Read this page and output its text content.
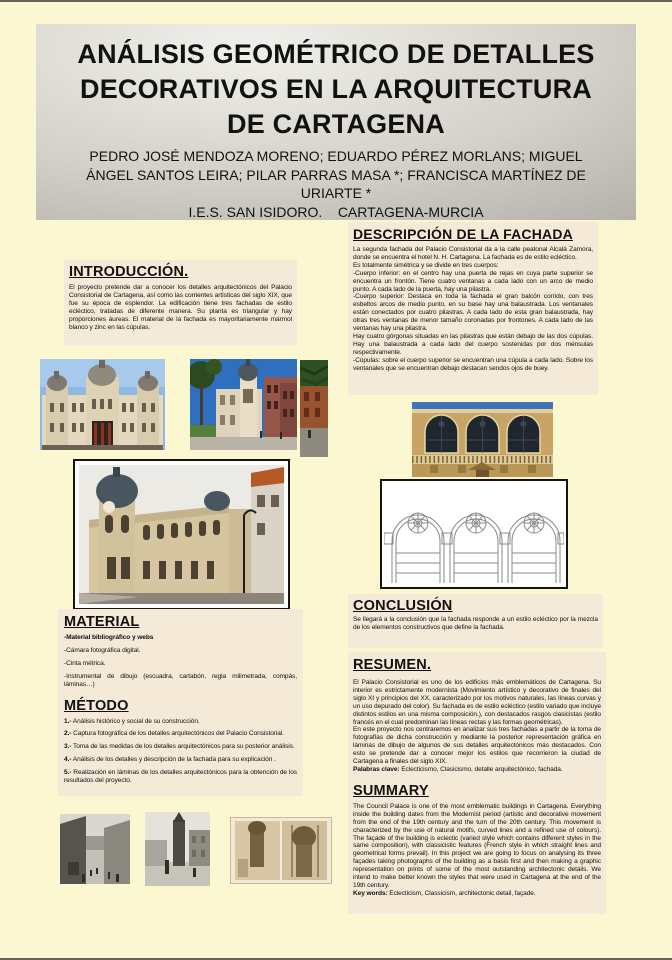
ANÁLISIS GEOMÉTRICO DE DETALLES DECORATIVOS EN LA ARQUITECTURA DE CARTAGENA
PEDRO JOSÉ MENDOZA MORENO; EDUARDO PÉREZ MORLANS; MIGUEL ÁNGEL SANTOS LEIRA; PILAR PARRAS MASA *; FRANCISCA MARTÍNEZ DE URIARTE *
I.E.S. SAN ISIDORO.    CARTAGENA-MURCIA
INTRODUCCIÓN.
El proyecto pretende dar a conocer los detalles arquitectónicos del Palacio Consistorial de Cartagena, así como las corrientes artísticas del siglo XIX, que fue su época de esplendor. La edificación tiene tres fachadas de estilo ecléctico, tratadas de diferente manera. Su planta es triangular y hay proporciones áureas. El material de la fachada es mayoritariamente mármol blanco y zinc en las cúpulas.
MATERIAL
-Material bibliográfico y webs
-Cámara fotográfica digital.
-Cinta métrica.
-Instrumental de dibujo (escuadra, cartabón, regla milimetrada, compás, láminas…)
MÉTODO
1.- Análisis histórico y social de su construcción.
2.- Captura fotográfica de los detalles arquitectónicos del Palacio Consistorial.
3.- Toma de las medidas de los detalles arquitectónicos para su posterior análisis.
4.- Análisis de los detalles y descripción de la fachada para su explicación .
5.- Realización en láminas de los detalles arquitectónicos para la obtención de los resultados del proyecto.
DESCRIPCIÓN DE LA FACHADA

La segunda fachada del Palacio Consistorial da a la calle peatonal Alcalá Zamora, donde se encuentra el hotel N. H. Cartagena. La fachada es de estilo ecléctico.

Es totalmente simétrica y se divide en tres cuerpos:

-Cuerpo inferior: en el centro hay una puerta de rejas en cuya parte superior se encuentra un frontón. Tiene cuatro ventanas a cada lado con un arco de medio punto. A cada lado de la puerta, hay una pilastra.

-Cuerpo superior: Destaca en toda la fachada el gran balcón corrido, con tres esbeltos arcos de medio punto, en su base hay una balaustrada. Los ventanales están conectados por cuatro pilastras. A cada lado de esta gran balaustrada, hay otras tres ventanas de menor tamaño coronadas por frontones. A cada lado de las ventanas hay una pilastra.

Hay cuatro górgonas situadas en las pilastras que están debajo de las dos cúpulas. Hay una balaustrada a cada lado del cuerpo sostenidas por dos ménsulas respectivamente.

-Cúpulas: sobre el cuerpo superior se encuentran una cúpula a cada lado. Sobre los ventanales que se encuentran debajo destacan sendos ojos de buey.

CONCLUSIÓN
Se llegará a la conclusión que la fachada responde a un estilo ecléctico por la mezcla de los elementos constructivos que define la fachada.
RESUMEN.

El Palacio Consistorial es uno de los edificios más emblemáticos de Cartagena. Su interior es estrictamente modernista (Movimiento artístico y decorativo de finales del siglo XI y principios del XX, caracterizado por los motivos naturales, las líneas curvas y un uso depurado del color). Su fachada es de estilo ecléctico (estilo variado que incluye distintos estilos en una misma composición.), con destacados rasgos clasicistas (estilo francés en el cual predominan las líneas rectas y las formas geométricas).

En este proyecto nos centraremos en analizar sus tres fachadas a partir de la toma de fotografías de dicha construcción y mediante la posterior representación gráfica en láminas de dibujo de algunos de sus detalles arquitectónicos más destacados. Con esto se pretende dar a conocer mejor los estilos que recorrieron la ciudad de Cartagena a finales del siglo XIX.

Palabras clave: Eclecticismo, Clasicismo, detalle arquitectónico, fachada.

SUMMARY

The Council Palace is one of the most emblematic buildings in Cartagena. Everything inside the building dates from the Modernist period (artistic and decorative movement from the end of the 19th century and the turn of the 20th century. This movement is characterized by the use of natural motifs, curved lines and a refined use of colours). The façade of the building is eclectic (varied style which contains different styles in the same composition), with classicistic features (French style in which straight lines and geometrical forms prevail). In this project we are going to focus on analysing its three façades taking photographs of the building as a basis first and then making a graphic representation on prints of some of the most outstanding architectonic details. We intend to make better known the styles that were used in Cartagena at the end of the 19th century.

Key words: Eclecticism, Classicism, architectonic detail, façade.
